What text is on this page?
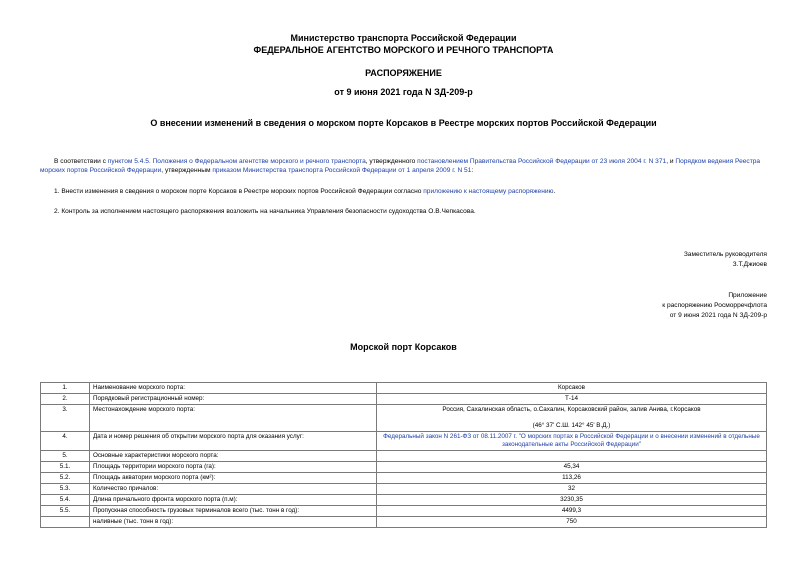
Министерство транспорта Российской Федерации
ФЕДЕРАЛЬНОЕ АГЕНТСТВО МОРСКОГО И РЕЧНОГО ТРАНСПОРТА
РАСПОРЯЖЕНИЕ
от 9 июня 2021 года N ЗД-209-р
О внесении изменений в сведения о морском порте Корсаков в Реестре морских портов Российской Федерации
В соответствии с пунктом 5.4.5. Положения о Федеральном агентстве морского и речного транспорта, утвержденного постановлением Правительства Российской Федерации от 23 июля 2004 г. N 371, и Порядком ведения Реестра морских портов Российской Федерации, утвержденным приказом Министерства транспорта Российской Федерации от 1 апреля 2009 г. N 51:
1. Внести изменения в сведения о морском порте Корсаков в Реестре морских портов Российской Федерации согласно приложению к настоящему распоряжению.
2. Контроль за исполнением настоящего распоряжения возложить на начальника Управления безопасности судоходства О.В.Чепкасова.
Заместитель руководителя
З.Т.Джиоев
Приложение
к распоряжению Росморречфлота
от 9 июня 2021 года N ЗД-209-р
Морской порт Корсаков
1.	Наименование морского порта:	Корсаков
2.	Порядковый регистрационный номер:	Т-14
3.	Местонахождение морского порта:	Россия, Сахалинская область, о.Сахалин, Корсаковский район, залив Анива, г.Корсаков
(46° 37' С.Ш. 142° 45' В.Д.)

4.	Дата и номер решения об открытии морского порта для оказания услуг:	Федеральный закон N 261-ФЗ от 08.11.2007 г. "О морских портах в Российской Федерации и о внесении изменений в отдельные законодательные акты Российской Федерации"
5.	Основные характеристики морского порта:	
5.1.	Площадь территории морского порта (га):	45,34
5.2.	Площадь акватории морского порта (км²):	113,26
5.3.	Количество причалов:	32
5.4.	Длина причального фронта морского порта (п.м):	3230,35
5.5.	Пропускная способность грузовых терминалов всего (тыс. тонн в год):	4499,3
	наливные (тыс. тонн в год):	750
